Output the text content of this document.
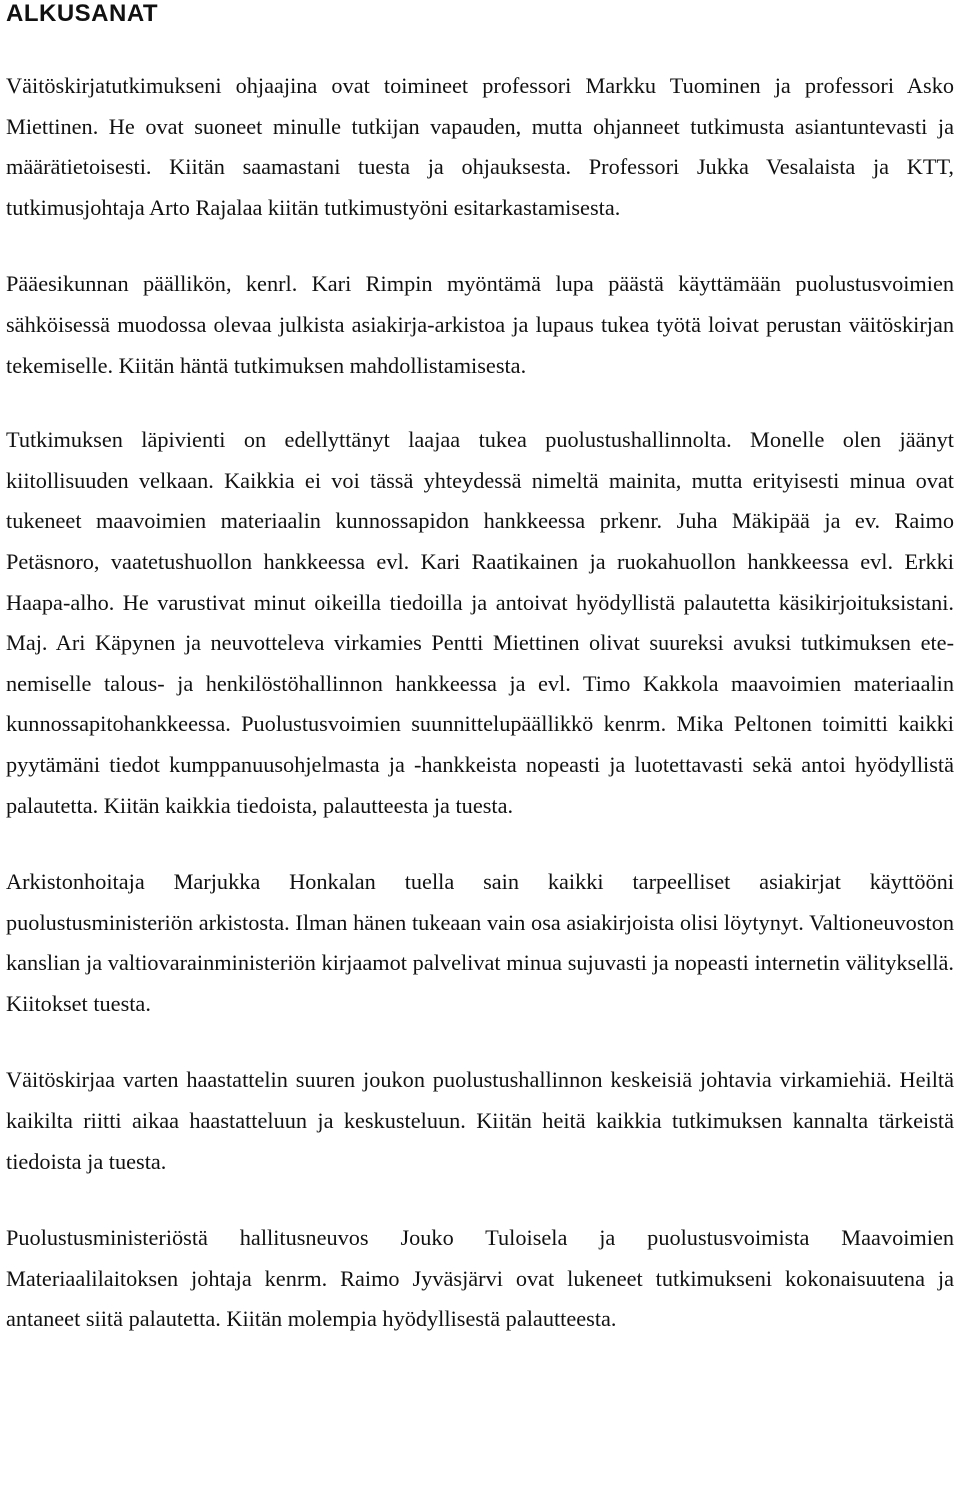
ALKUSANAT

Väitöskirjatutkimukseni ohjaajina ovat toimineet professori Markku Tuominen ja professori Asko Miettinen. He ovat suoneet minulle tutkijan vapauden, mutta ohjanneet tutkimusta asiantuntevasti ja määrätietoisesti. Kiitän saamastani tuesta ja ohjauksesta. Professori Jukka Vesalaista ja KTT, tutkimusjohtaja Arto Rajalaa kiitän tutkimustyöni esitarkastamisesta.

Pääesikunnan päällikön, kenrl. Kari Rimpin myöntämä lupa päästä käyttämään puolustusvoimien sähköisessä muodossa olevaa julkista asiakirja-arkistoa ja lupaus tukea työtä loivat perustan väitöskirjan tekemiselle. Kiitän häntä tutkimuksen mahdollistamisesta.

Tutkimuksen läpivienti on edellyttänyt laajaa tukea puolustushallinnolta. Monelle olen jäänyt kiitollisuuden velkaan. Kaikkia ei voi tässä yhteydessä nimeltä mainita, mutta erityisesti minua ovat tukeneet maavoimien materiaalin kunnossapidon hankkeessa prkenr. Juha Mäkipää ja ev. Raimo Petäsnoro, vaatetushuollon hankkeessa evl. Kari Raatikainen ja ruokahuollon hankkeessa evl. Erkki Haapa-alho. He varustivat minut oikeilla tiedoilla ja antoivat hyödyllistä palautetta käsikirjoituksistani. Maj. Ari Käpynen ja neuvotteleva virkamies Pentti Miettinen olivat suureksi avuksi tutkimuksen etenemiselle talous- ja henkilöstöhallinnon hankkeessa ja evl. Timo Kakkola maavoimien materiaalin kunnossapitohankkeessa. Puolustusvoimien suunnittelupäällikkö kenrm. Mika Peltonen toimitti kaikki pyytämäni tiedot kumppanuusohjelmasta ja -hankkeista nopeasti ja luotettavasti sekä antoi hyödyllistä palautetta. Kiitän kaikkia tiedoista, palautteesta ja tuesta.

Arkistonhoitaja Marjukka Honkalan tuella sain kaikki tarpeelliset asiakirjat käyttööni puolustusministeriön arkistosta. Ilman hänen tukeaan vain osa asiakirjoista olisi löytynyt. Valtioneuvoston kanslian ja valtiovarainministeriön kirjaamot palvelivat minua sujuvasti ja nopeasti internetin välityksellä. Kiitokset tuesta.

Väitöskirjaa varten haastattelin suuren joukon puolustushallinnon keskeisiä johtavia virkamiehiä. Heiltä kaikilta riitti aikaa haastatteluun ja keskusteluun. Kiitän heitä kaikkia tutkimuksen kannalta tärkeistä tiedoista ja tuesta.

Puolustusministeriöstä hallitusneuvos Jouko Tuloisela ja puolustusvoimista Maavoimien Materiaalilaitoksen johtaja kenrm. Raimo Jyväsjärvi ovat lukeneet tutkimukseni kokonaisuutena ja antaneet siitä palautetta. Kiitän molempia hyödyllisestä palautteesta.
